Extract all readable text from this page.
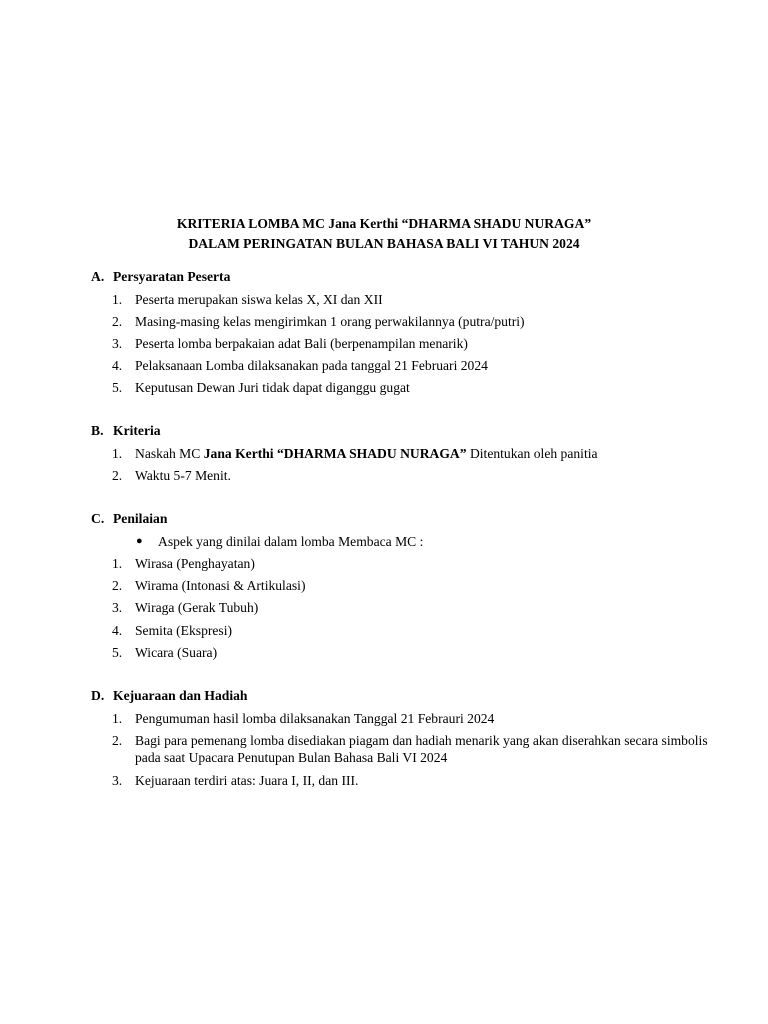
KRITERIA LOMBA MC Jana Kerthi “DHARMA SHADU NURAGA”
DALAM PERINGATAN BULAN BAHASA BALI VI TAHUN 2024
A. Persyaratan Peserta
1. Peserta merupakan siswa kelas X, XI dan XII
2. Masing-masing kelas mengirimkan 1 orang perwakilannya (putra/putri)
3. Peserta lomba berpakaian adat Bali (berpenampilan menarik)
4. Pelaksanaan Lomba dilaksanakan pada tanggal 21 Februari 2024
5. Keputusan Dewan Juri tidak dapat diganggu gugat
B. Kriteria
1. Naskah MC Jana Kerthi “DHARMA SHADU NURAGA” Ditentukan oleh panitia
2. Waktu 5-7 Menit.
C. Penilaian
● Aspek yang dinilai dalam lomba Membaca MC :
1. Wirasa (Penghayatan)
2. Wirama (Intonasi & Artikulasi)
3. Wiraga (Gerak Tubuh)
4. Semita (Ekspresi)
5. Wicara (Suara)
D. Kejuaraan dan Hadiah
1. Pengumuman hasil lomba dilaksanakan Tanggal 21 Febrauri 2024
2. Bagi para pemenang lomba disediakan piagam dan hadiah menarik yang akan diserahkan secara simbolis pada saat Upacara Penutupan Bulan Bahasa Bali VI 2024
3. Kejuaraan terdiri atas: Juara I, II, dan III.
